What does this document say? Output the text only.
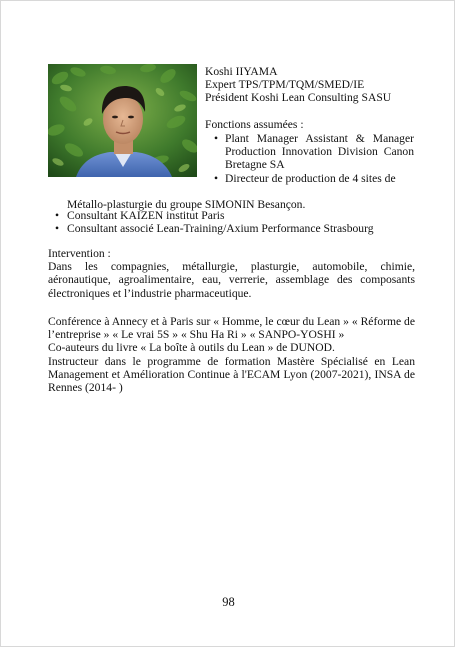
Koshi IIYAMA
Expert TPS/TPM/TQM/SMED/IE
Président Koshi Lean Consulting SASU
Fonctions assumées :
• Plant Manager Assistant & Manager Production Innovation Division Canon Bretagne SA
• Directeur de production de 4 sites de
Métallo-plasturgie du groupe SIMONIN Besançon.
• Consultant KAIZEN institut Paris
• Consultant associé Lean-Training/Axium Performance Strasbourg
Intervention :
Dans les compagnies, métallurgie, plasturgie, automobile, chimie, aéronautique, agroalimentaire, eau, verrerie, assemblage des composants électroniques et l’industrie pharmaceutique.
Conférence à Annecy et à Paris sur « Homme, le cœur du Lean » « Réforme de l’entreprise » « Le vrai 5S » « Shu Ha Ri » « SANPO-YOSHI »
Co-auteurs du livre « La boîte à outils du Lean » de DUNOD.
Instructeur dans le programme de formation Mastère Spécialisé en Lean Management et Amélioration Continue à l'ECAM Lyon (2007-2021), INSA de Rennes (2014- )
98
